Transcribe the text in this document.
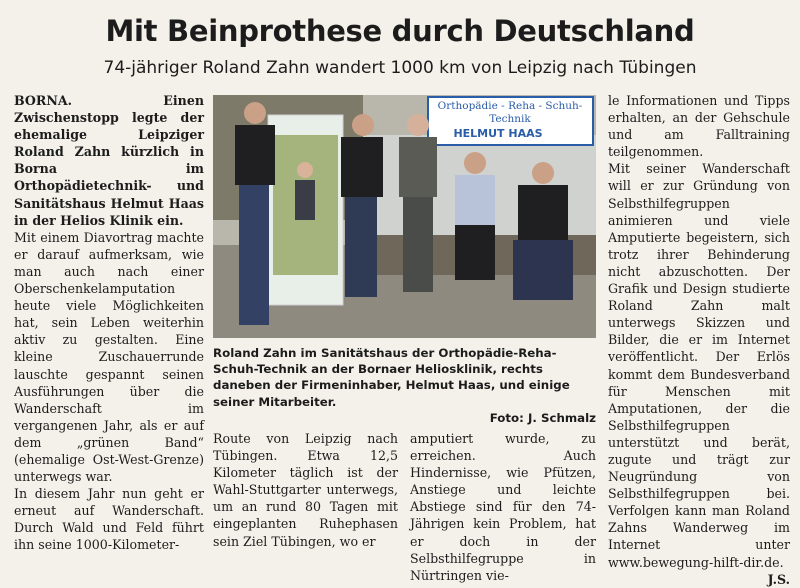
Mit Beinprothese durch Deutschland
74-jähriger Roland Zahn wandert 1000 km von Leipzig nach Tübingen

BORNA. Einen Zwischenstopp legte der ehemalige Leipziger Roland Zahn kürzlich in Borna im Orthopädietechnik- und Sanitätshaus Helmut Haas in der Helios Klinik ein.

Mit einem Diavortrag machte er darauf aufmerksam, wie man auch nach einer Oberschenkelamputation heute viele Möglichkeiten hat, sein Leben weiterhin aktiv zu gestalten. Eine kleine Zuschauerrunde lauschte gespannt seinen Ausführungen über die Wanderschaft im vergangenen Jahr, als er auf dem „grünen Band“ (ehemalige Ost-West-Grenze) unterwegs war.

In diesem Jahr nun geht er erneut auf Wanderschaft. Durch Wald und Feld führt ihn seine 1000-Kilometer-

Orthopädie - Reha - Schuh-
Technik
HELMUT HAAS
Roland Zahn im Sanitätshaus der Orthopädie-Reha-Schuh-Technik an der Bornaer Heliosklinik, rechts daneben der Firmeninhaber, Helmut Haas, und einige seiner Mitarbeiter.
Foto: J. Schmalz

Route von Leipzig nach Tübingen. Etwa 12,5 Kilometer täglich ist der Wahl-Stuttgarter unterwegs, um an rund 80 Tagen mit eingeplanten Ruhephasen sein Ziel Tübingen, wo er

amputiert wurde, zu erreichen. Auch Hindernisse, wie Pfützen, Anstiege und leichte Abstiege sind für den 74-Jährigen kein Problem, hat er doch in der Selbsthilfegruppe in Nürtringen vie-

le Informationen und Tipps erhalten, an der Gehschule und am Falltraining teilgenommen.

Mit seiner Wanderschaft will er zur Gründung von Selbsthilfegruppen animieren und viele Amputierte begeistern, sich trotz ihrer Behinderung nicht abzuschotten. Der Grafik und Design studierte Roland Zahn malt unterwegs Skizzen und Bilder, die er im Internet veröffentlicht. Der Erlös kommt dem Bundesverband für Menschen mit Amputationen, der die Selbsthilfegruppen unterstützt und berät, zugute und trägt zur Neugründung von Selbsthilfegruppen bei. Verfolgen kann man Roland Zahns Wanderweg im Internet unter www.bewegung-hilft-dir.de.
J.S.
